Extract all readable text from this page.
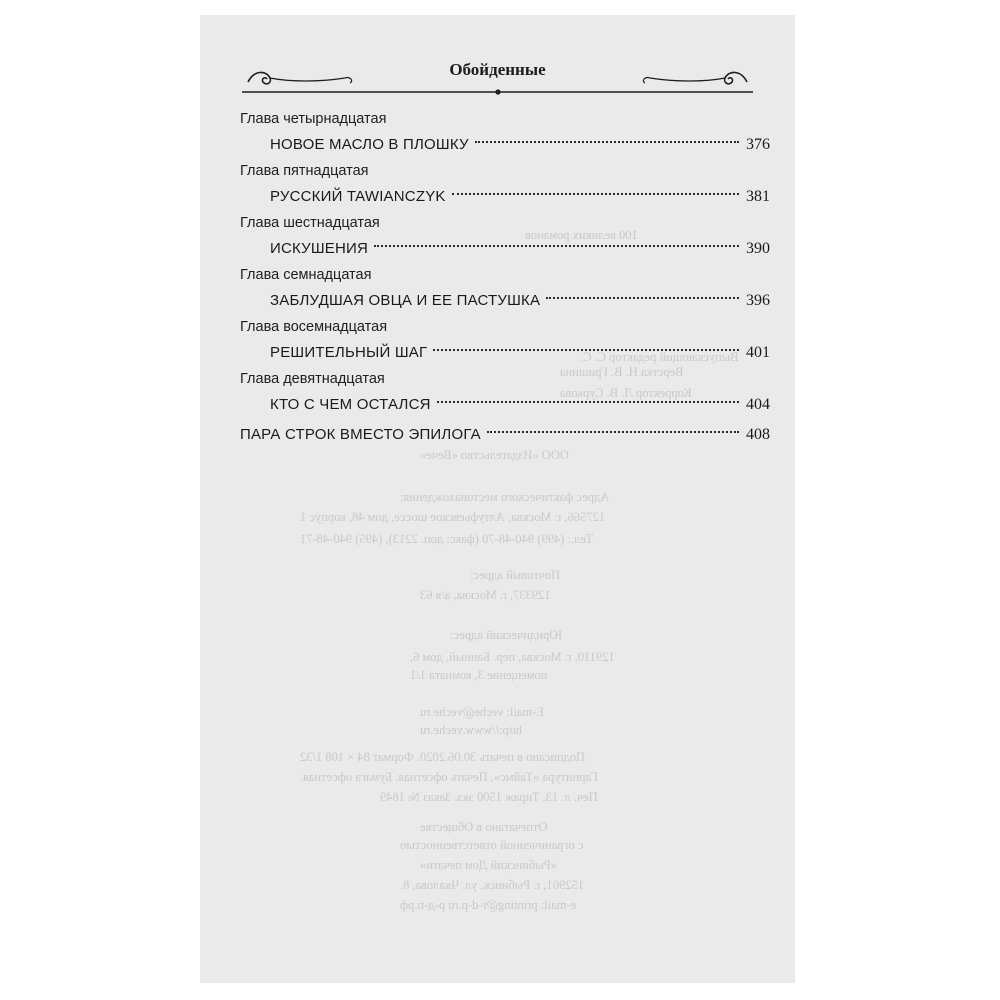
100 великих романов
Выпускающий редактор С. С.
Верстка Н. В. Гришина
Корректор Л. В. Суркова
ООО «Издательство «Вече»
Адрес фактического местонахождения:
127566, г. Москва, Алтуфьевское шоссе, дом 48, корпус 1
Тел.: (499) 940-48-70 (факс: доп. 2213), (495) 940-48-71
Почтовый адрес:
129337, г. Москва, а/я 63
Юридический адрес:
129110, г. Москва, пер. Банный, дом 6,
помещение 3, комната 1/1
E-mail: veche@veche.ru
http://www.veche.ru
Подписано в печать 30.06.2020. Формат 84 × 108 1/32
Гарнитура «Таймс». Печать офсетная. Бумага офсетная.
Печ. л. 13. Тираж 1500 экз. Заказ № 1849
Отпечатано в Обществе
с ограниченной ответственностью
«Рыбинский Дом печати»
152901, г. Рыбинск, ул. Чкалова, 8.
e-mail: printing@r-d-p.ru р-д-п.рф
Обойденные
Глава четырнадцатая
НОВОЕ МАСЛО В ПЛОШКУ	376
Глава пятнадцатая
РУССКИЙ TAWIANCZYK	381
Глава шестнадцатая
ИСКУШЕНИЯ	390
Глава семнадцатая
ЗАБЛУДШАЯ ОВЦА И ЕЕ ПАСТУШКА	396
Глава восемнадцатая
РЕШИТЕЛЬНЫЙ ШАГ	401
Глава девятнадцатая
КТО С ЧЕМ ОСТАЛСЯ	404
ПАРА СТРОК ВМЕСТО ЭПИЛОГА	408
